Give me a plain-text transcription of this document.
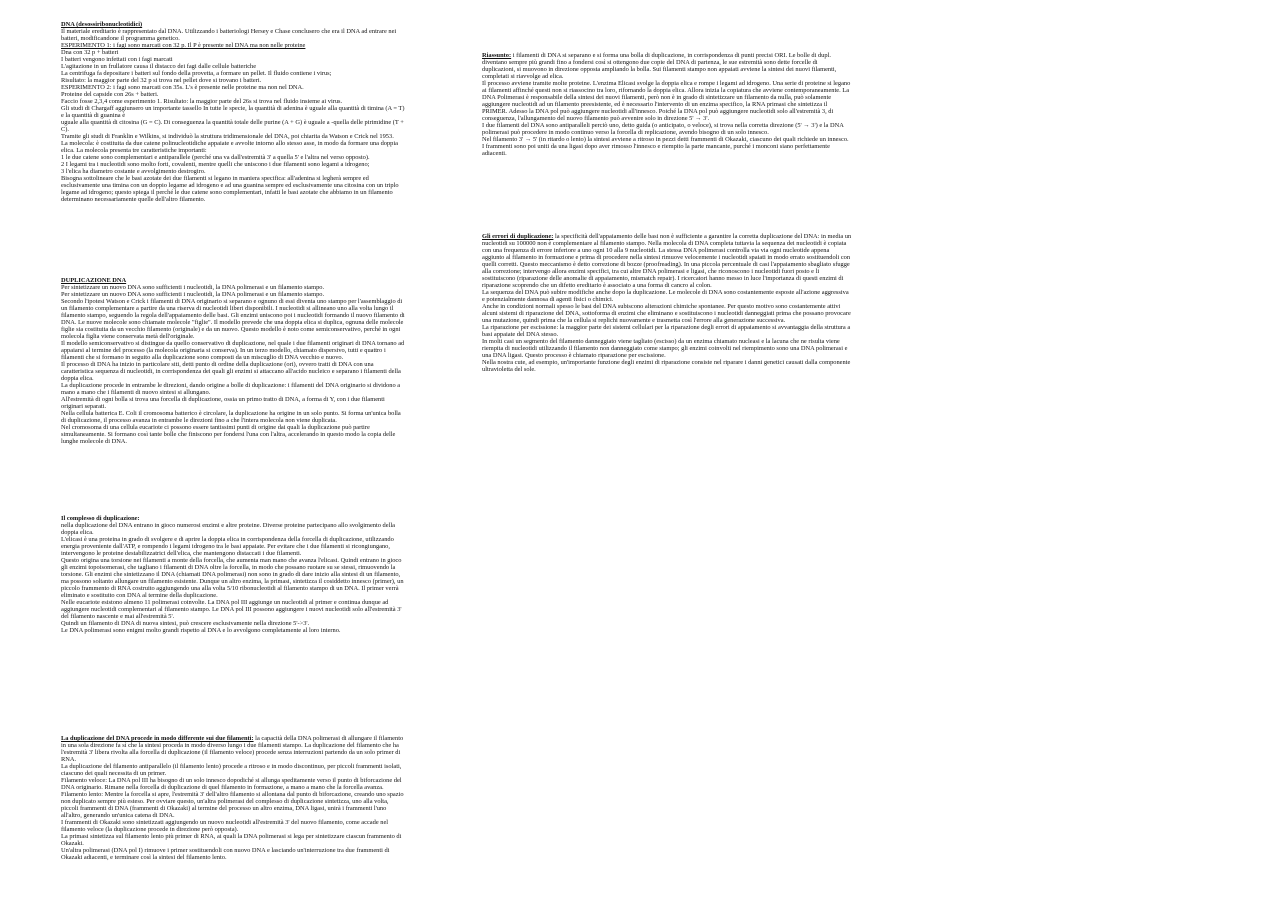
DNA (desossiribonucleotidici)
Il materiale ereditario è rappresentato dal DNA. Utilizzando i batteriologi Hersey e Chase conclusero che era il DNA ad entrare nei batteri, modificandone il programma genetico.
ESPERIMENTO 1: i fagi sono marcati con 32 p. Il P è presente nel DNA ma non nelle proteine
Dna con 32 p + batteri
I batteri vengono infettati con i fagi marcati
L'agitazione in un frullatore causa il distacco dei fagi dalle cellule batteriche
La centrifuga fa depositare i batteri sul fondo della provetta, a formare un pellet. Il fluido contiene i virus;
Risultato: la maggior parte del 32 p si trova nel pellet dove si trovano i batteri.
ESPERIMENTO 2: i fagi sono marcati con 35s. L's è presente nelle proteine ma non nel DNA.
Proteine del capside con 26s + batteri.
Faccio fosse 2,3,4 come esperimento 1. Risultato: la maggior parte del 26s si trova nel fluido insieme ai virus.
Gli studi di Chargaff aggiunsero un importante tassello In tutte le specie, la quantità di adenina è uguale alla quantità di timina (A = T) e la quantità di guanina è
uguale alla quantità di citosina (G = C). Di conseguenza la quantità totale delle purine (A + G) è uguale a -quella delle pirimidine (T + C).
Tramite gli studi di Franklin e Wilkins, si individuò la struttura tridimensionale del DNA, poi chiarita da Watson e Crick nel 1953.
La molecola: è costituita da due catene polinucleotidiche appaiate e avvolte intorno allo stesso asse, in modo da formare una doppia elica. La molecola presenta tre caratteristiche importanti:
1 le due catene sono complementari e antiparallele (perché una va dall'estremità 3' a quella 5' e l'altra nel verso opposto).
2 I legami tra i nucleotidi sono molto forti, covalenti, mentre quelli che uniscono i due filamenti sono legami a idrogeno;
3 l'elica ha diametro costante e avvolgimento destrogiro.
Bisogna sottolineare che le basi azotate dei due filamenti si legano in maniera specifica: all'adenina si legherà sempre ed esclusivamente una timina con un doppio legame ad idrogeno e ad una guanina sempre ed esclusivamente una citosina con un triplo legame ad idrogeno; questo spiega il perché le due catene sono complementari, infatti le basi azotate che abbiamo in un filamento determinano necessariamente quelle dell'altro filamento.
DUPLICAZIONE DNA
Per sintetizzare un nuovo DNA sono sufficienti i nucleotidi, la DNA polimerasi e un filamento stampo.
Per sintetizzare un nuovo DNA sono sufficienti i nucleotidi, la DNA polimerasi e un filamento stampo.
Secondo l'ipotesi Watson e Crick i filamenti di DNA originario si separano e ognuno di essi diventa uno stampo per l'assemblaggio di un filamento complementare a partire da una riserva di nucleotidi liberi disponibili. I nucleotidi si allineano uno alla volta lungo il filamento stampo, seguendo la regola dell'appaiamento delle basi. Gli enzimi uniscono poi i nucleotidi formando il nuovo filamento di DNA. Le nuove molecole sono chiamate molecole "figlie". Il modello prevede che una doppia elica si duplica, ognuna delle molecole figlie sia costituita da un vecchio filamento (originale) e da un nuovo. Questo modello è noto come semiconservativo, perché in ogni molecola figlia viene conservata metà dell'originale.
Il modello semiconservativo si distingue da quello conservativo di duplicazione, nel quale i due filamenti originari di DNA tornano ad appaiarsi al termine del processo (la molecola originaria si conserva). In un terzo modello, chiamato dispersivo, tutti e quattro i filamenti che si formano in seguito alla duplicazione sono composti da un miscuglio di DNA vecchio e nuovo.
Il processo di DNA ha inizio in particolare siti, detti punto di ordine della duplicazione (ori), ovvero tratti di DNA con una caratteristica sequenza di nucleotidi, in corrispondenza dei quali gli enzimi si attaccano all'acido nucleico e separano i filamenti della doppia elica.
La duplicazione procede in entrambe le direzioni, dando origine a bolle di duplicazione: i filamenti del DNA originario si dividono a mano a mano che i filamenti di nuovo sintesi si allungano.
All'estremità di ogni bolla si trova una forcella di duplicazione, ossia un primo tratto di DNA, a forma di Y, con i due filamenti originari separati.
Nella cellula batterica E. Coli il cromosoma batterico è circolare, la duplicazione ha origine in un solo punto. Si forma un'unica bolla di duplicazione, il processo avanza in entrambe le direzioni fino a che l'intera molecola non viene duplicata.
Nel cromosoma di una cellula eucariote ci possono essere tantissimi punti di origine dai quali la duplicazione può partire simultaneamente. Si formano così tante bolle che finiscono per fondersi l'una con l'altra, accelerando in questo modo la copia delle lunghe molecole di DNA.
Il complesso di duplicazione:
nella duplicazione del DNA entrano in gioco numerosi enzimi e altre proteine. Diverse proteine partecipano allo svolgimento della doppia elica.
L'elicasi è una proteina in grado di svolgere e di aprire la doppia elica in corrispondenza della forcella di duplicazione, utilizzando energia proveniente dall'ATP, e rompendo i legami idrogeno tra le basi appaiate. Per evitare che i due filamenti si ricongiungano, intervengono le proteine destabilizzatrici dell'elica, che mantengono distaccati i due filamenti.
Questo origina una torsione nei filamenti a monte della forcella, che aumenta man mano che avanza l'elicasi. Quindi entrano in gioco gli enzimi topoisomerasi, che tagliano i filamenti di DNA oltre la forcella, in modo che possano ruotare su se stessi, rimuovendo la torsione. Gli enzimi che sintetizzano il DNA (chiamati DNA polimerasi) non sono in grado di dare inizio alla sintesi di un filamento, ma possono soltanto allungare un filamento esistente. Dunque un altro enzima, la primasi, sintetizza il cosiddetto innesco (primer), un piccolo frammento di RNA costruito aggiungendo una alla volta 5/10 ribonucleotidi al filamento stampo di un DNA. Il primer verrà eliminato e sostituito con DNA al termine della duplicazione.
Nelle eucariote esistono almeno 11 polimerasi coinvolte. La DNA pol III aggiunge un nucleotidi al primer e continua dunque ad aggiungere nucleotidi complementari al filamento stampo. Le DNA pol III possono aggiungere i nuovi nucleotidi solo all'estremità 3' del filamento nascente e mai all'estremità 5'.
Quindi un filamento di DNA di nuova sintesi, può crescere esclusivamente nella direzione 5'->3'.
Le DNA polimerasi sono enigmi molto grandi rispetto al DNA e lo avvolgono completamente al loro interno.
La duplicazione del DNA procede in modo differente sui due filamenti: la capacità della DNA polimerasi di allungare il filamento in una sola direzione fa sì che la sintesi proceda in modo diverso lungo i due filamenti stampo. La duplicazione del filamento che ha l'estremità 3' libera rivolta alla forcella di duplicazione (il filamento veloce) procede senza interruzioni partendo da un solo primer di RNA.
La duplicazione del filamento antiparallelo (il filamento lento) procede a ritroso e in modo discontinuo, per piccoli frammenti isolati, ciascuno dei quali necessita di un primer.
Filamento veloce: La DNA pol III ha bisogno di un solo innesco dopodiché si allunga speditamente verso il punto di biforcazione del DNA originario. Rimane nella forcella di duplicazione di quel filamento in formazione, a mano a mano che la forcella avanza.
Filamento lento: Mentre la forcella si apre, l'estremità 3' dell'altro filamento si allontana dal punto di biforcazione, creando uno spazio non duplicato sempre più esteso. Per ovviare questo, un'altra polimerasi del complesso di duplicazione sintetizza, uno alla volta, piccoli frammenti di DNA (frammenti di Okazaki) al termine del processo un altro enzima, DNA ligasi, unirà i frammenti l'uno all'altro, generando un'unica catena di DNA.
I frammenti di Okazaki sono sintetizzati aggiungendo un nuovo nucleotidi all'estremità 3' del nuovo filamento, come accade nel filamento veloce (la duplicazione procede in direzione però opposta).
La primasi sintetizza sul filamento lento più primer di RNA, ai quali la DNA polimerasi si lega per sintetizzare ciascun frammento di Okazaki.
Un'altra polimerasi (DNA pol I) rimuove i primer sostituendoli con nuovo DNA e lasciando un'interruzione tra due frammenti di Okazaki adiacenti, e terminare così la sintesi del filamento lento.
Riassunto: i filamenti di DNA si separano e si forma una bolla di duplicazione, in corrispondenza di punti precisi ORI. Le bolle di dupl. diventano sempre più grandi fino a fondersi così si ottengono due copie del DNA di partenza, le sue estremità sono dette forcelle di duplicazioni, si muovono in direzione opposta ampliando la bolla. Sui filamenti stampo non appaiati avviene la sintesi dei nuovi filamenti, completati si riavvolge ad elica.
Il processo avviene tramite molte proteine. L'enzima Elicasi svolge la doppia elica e rompe i legami ad idrogeno. Una serie di proteine si legano ai filamenti affinché questi non si riassocino tra loro, rifornando la doppia elica. Allora inizia la copiatura che avviene contemporaneamente. La DNA Polimerasi è responsabile della sintesi dei nuovi filamenti, però non è in grado di sintetizzare un filamento da nulla, può solamente aggiungere nucleotidi ad un filamento preesistente, ed è necessario l'intervento di un enzima specifico, la RNA primasi che sintetizza il PRIMER. Adesso la DNA pol può aggiungere nucleotidi all'innesco. Poiché la DNA pol può aggiungere nucleotidi solo all'estremità 3, di conseguenza, l'allungamento del nuovo filamento può avvenire solo in direzione 5' → 3'.
I due filamenti del DNA sono antiparalleli perciò uno, detto guida (o anticipato, o veloce), si trova nella corretta direzione (5' → 3') e la DNA polimerasi può procedere in modo continuo verso la forcella di replicazione, avendo bisogno di un solo innesco.
Nel filamento 3' → 5' (in ritardo o lento) la sintesi avviene a ritroso in pezzi detti frammenti di Okazaki, ciascuno dei quali richiede un innesco. I frammenti sono poi uniti da una ligasi dopo aver rimosso l'innesco e riempito la parte mancante, purché i monconi siano perfettamente adiacenti.
Gli errori di duplicazione: la specificità dell'appaiamento delle basi non è sufficiente a garantire la corretta duplicazione del DNA: in media un nucleotidi su 100000 non è complementare al filamento stampo. Nella molecola di DNA completa tuttavia la sequenza dei nucleotidi è copiata con una frequenza di errore inferiore a uno ogni 10 alla 9 nucleotidi. La stessa DNA polimerasi controlla via via ogni nucleotide appena aggiunto al filamento in formazione e prima di procedere nella sintesi rimuove velocemente i nucleotidi spaiati in modo errato sostituendoli con quelli corretti. Questo meccanismo è detto correzione di bozze (proofreading). In una piccola percentuale di casi l'appaiamento sbagliato sfugge alla correzione; intervengo allora enzimi specifici, tra cui altre DNA polimerasi e ligasi, che riconoscono i nucleotidi fuori posto e li sostituiscono (riparazione delle anomalie di appaiamento, mismatch repair). I ricercatori hanno messo in luce l'importanza di questi enzimi di riparazione scoprendo che un difetto ereditario è associato a una forma di cancro al colon.
La sequenza del DNA può subire modifiche anche dopo la duplicazione. Le molecole di DNA sono costantemente esposte all'azione aggressiva e potenzialmente dannosa di agenti fisici o chimici.
Anche in condizioni normali spesso le basi del DNA subiscono alterazioni chimiche spontanee. Per questo motivo sono costantemente attivi alcuni sistemi di riparazione del DNA, sottoforma di enzimi che eliminano e sostituiscono i nucleotidi danneggiati prima che possano provocare una mutazione, quindi prima che la cellula si replichi nuovamente e trasmetta così l'errore alla generazione successiva.
La riparazione per escissione: la maggior parte dei sistemi cellulari per la riparazione degli errori di appaiamento si avvantaggia della struttura a basi appaiate del DNA stesso.
In molti casi un segmento del filamento danneggiato viene tagliato (escisso) da un enzima chiamato nucleasi e la lacuna che ne risulta viene riempita di nucleotidi utilizzando il filamento non danneggiato come stampo; gli enzimi coinvolti nel riempimento sono una DNA polimerasi e una DNA ligasi. Questo processo è chiamato riparazione per escissione.
Nella nostra cute, ad esempio, un'importante funzione degli enzimi di riparazione consiste nel riparare i danni genetici causati dalla componente ultravioletta del sole.
